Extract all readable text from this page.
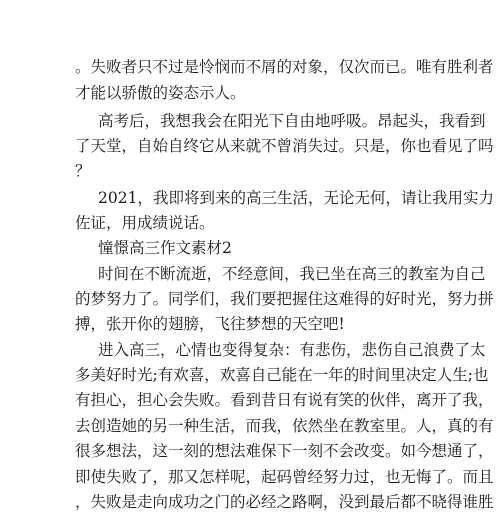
。失败者只不过是怜悯而不屑的对象，仅次而已。唯有胜利者
才能以骄傲的姿态示人。
高考后，我想我会在阳光下自由地呼吸。昂起头，我看到
了天堂，自始自终它从来就不曾消失过。只是，你也看见了吗
？
2021，我即将到来的高三生活，无论无何，请让我用实力
佐证，用成绩说话。
憧憬高三作文素材2
时间在不断流逝，不经意间，我已坐在高三的教室为自己
的梦努力了。同学们，我们要把握住这难得的好时光，努力拼
搏，张开你的翅膀，飞往梦想的天空吧!
进入高三，心情也变得复杂：有悲伤，悲伤自己浪费了太
多美好时光;有欢喜，欢喜自己能在一年的时间里决定人生;也
有担心，担心会失败。看到昔日有说有笑的伙伴，离开了我，
去创造她的另一种生活，而我，依然坐在教室里。人，真的有
很多想法，这一刻的想法难保下一刻不会改变。如今想通了，
即使失败了，那又怎样呢，起码曾经努力过，也无悔了。而且
，失败是走向成功之门的必经之路啊，没到最后都不晓得谁胜
